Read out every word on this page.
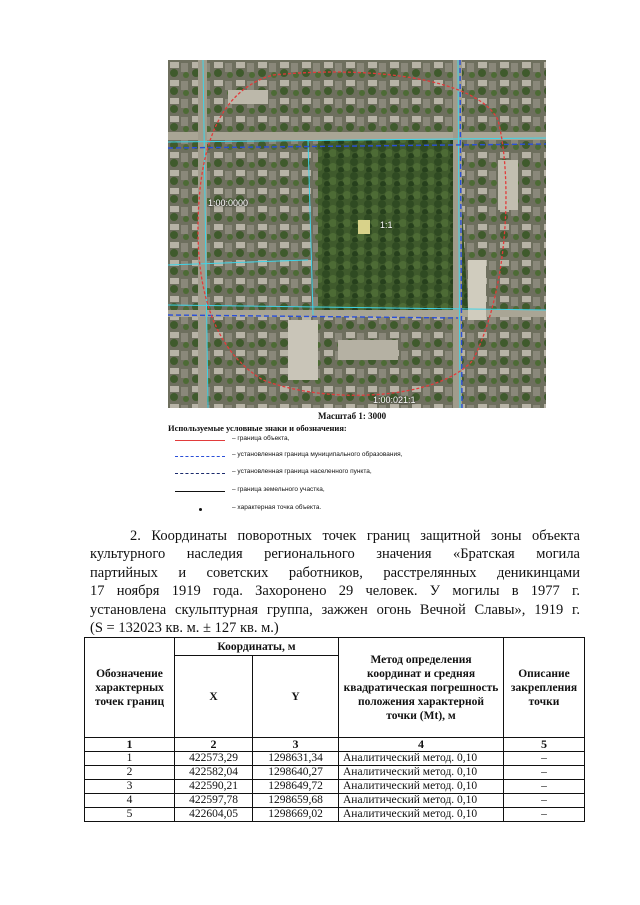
1:00:0000
1:1
1:00:021:1
Масштаб 1: 3000
Используемые условные знаки и обозначения:
– граница объекта,
– установленная граница муниципального образования,
– установленная граница населенного пункта,
– граница земельного участка,
– характерная точка объекта.
2. Координаты поворотных точек границ защитной зоны объекта
культурного наследия регионального значения «Братская могила
партийных и советских работников, расстрелянных деникинцами
17 ноября 1919 года. Захоронено 29 человек. У могилы в 1977 г.
установлена скульптурная группа, зажжен огонь Вечной Славы», 1919 г.
(S = 132023 кв. м. ± 127 кв. м.)
Обозначение характерных точек границ	Координаты, м		Метод определения координат и средняя квадратическая погрешность положения характерной точки (Mt), м	Описание закрепления точки
	X	Y		
1	2	3	4	5
1	422573,29	1298631,34	Аналитический метод. 0,10	–
2	422582,04	1298640,27	Аналитический метод. 0,10	–
3	422590,21	1298649,72	Аналитический метод. 0,10	–
4	422597,78	1298659,68	Аналитический метод. 0,10	–
5	422604,05	1298669,02	Аналитический метод. 0,10	–
